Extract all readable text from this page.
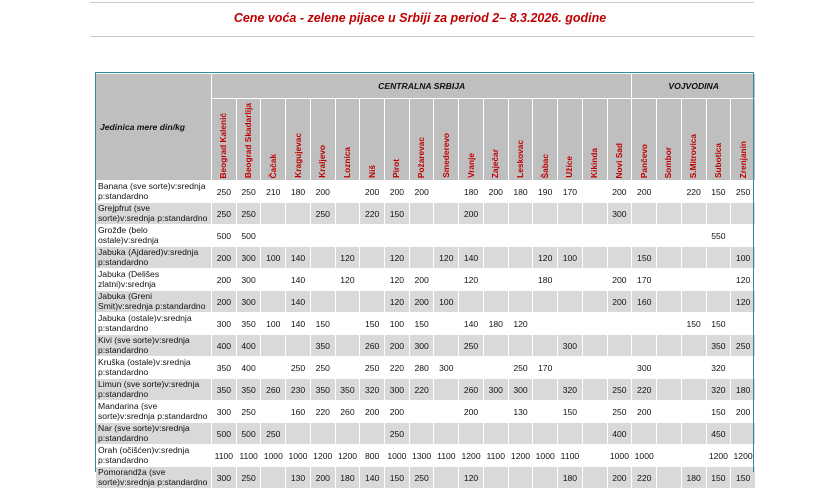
Cene voća - zelene pijace u Srbiji za period 2– 8.3.2026. godine
Jedinica mere din/kg	CENTRALNA SRBIJA																	VOJVODINA				
	Beograd Kalenić	Beograd Skadarlija	Čačak	Kragujevac	Kraljevo	Loznica	Niš	Pirot	Požarevac	Smederevo	Vranje	Zaječar	Leskovac	Šabac	Užice	Kikinda	Novi Sad	Pančevo	Sombor	S.Mitrovica	Subotica	Zrenjanin

Banana (sve sorte)v:srednja
p:standardno	250	250	210	180	200		200	200	200		180	200	180	190	170		200	200		220	150	250

Grejpfrut (sve
sorte)v:srednja p:standardno	250	250			250		220	150			200						300					

Grožđe (belo
ostale)v:srednja	500	500																			550	

Jabuka (Ajdared)v:srednja
p:standardno	200	300	100	140		120		120		120	140			120	100			150				100

Jabuka (Delišes
zlatni)v:srednja	200	300		140		120		120	200		120			180			200	170				120

Jabuka (Greni
Smit)v:srednja p:standardno	200	300		140				120	200	100							200	160				120

Jabuka (ostale)v:srednja
p:standardno	300	350	100	140	150		150	100	150		140	180	120							150	150	

Kivi (sve sorte)v:srednja
p:standardno	400	400			350		260	200	300		250				300						350	250

Kruška (ostale)v:srednja
p:standardno	350	400		250	250		250	220	280	300			250	170				300			320	

Limun (sve sorte)v:srednja
p:standardno	350	350	260	230	350	350	320	300	220		260	300	300		320		250	220			320	180

Mandarina (sve
sorte)v:srednja p:standardno	300	250		160	220	260	200	200			200		130		150		250	200			150	200

Nar (sve sorte)v:srednja
p:standardno	500	500	250					250									400				450	

Orah (očišćen)v:srednja
p:standardno	1100	1100	1000	1000	1200	1200	800	1000	1300	1100	1200	1100	1200	1000	1100		1000	1000			1200	1200

Pomorandža (sve
sorte)v:srednja p:standardno	300	250		130	200	180	140	150	250		120				180		200	220		180	150	150
